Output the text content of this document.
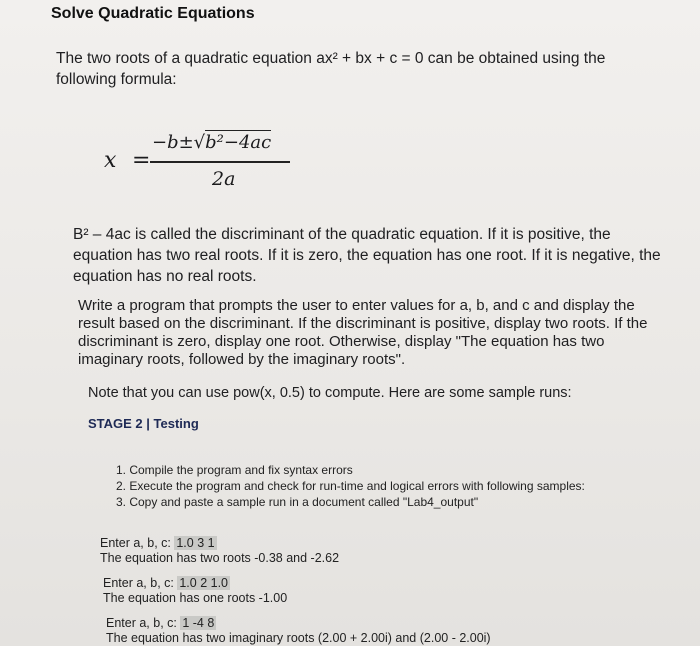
Solve Quadratic Equations
The two roots of a quadratic equation ax² + bx + c = 0 can be obtained using the following formula:
x =
−b±√b²−4ac
2a
B² – 4ac is called the discriminant of the quadratic equation. If it is positive, the equation has two real roots. If it is zero, the equation has one root. If it is negative, the equation has no real roots.
Write a program that prompts the user to enter values for a, b, and c and display the result based on the discriminant. If the discriminant is positive, display two roots. If the discriminant is zero, display one root. Otherwise, display "The equation has two imaginary roots, followed by the imaginary roots".
Note that you can use pow(x, 0.5) to compute. Here are some sample runs:
STAGE 2 | Testing
1. Compile the program and fix syntax errors
2. Execute the program and check for run-time and logical errors with following samples:
3. Copy and paste a sample run in a document called "Lab4_output"
Enter a, b, c: 1.0 3 1
The equation has two roots -0.38 and -2.62
Enter a, b, c: 1.0 2 1.0
The equation has one roots -1.00
Enter a, b, c: 1 -4 8
The equation has two imaginary roots (2.00 + 2.00i) and (2.00 - 2.00i)
